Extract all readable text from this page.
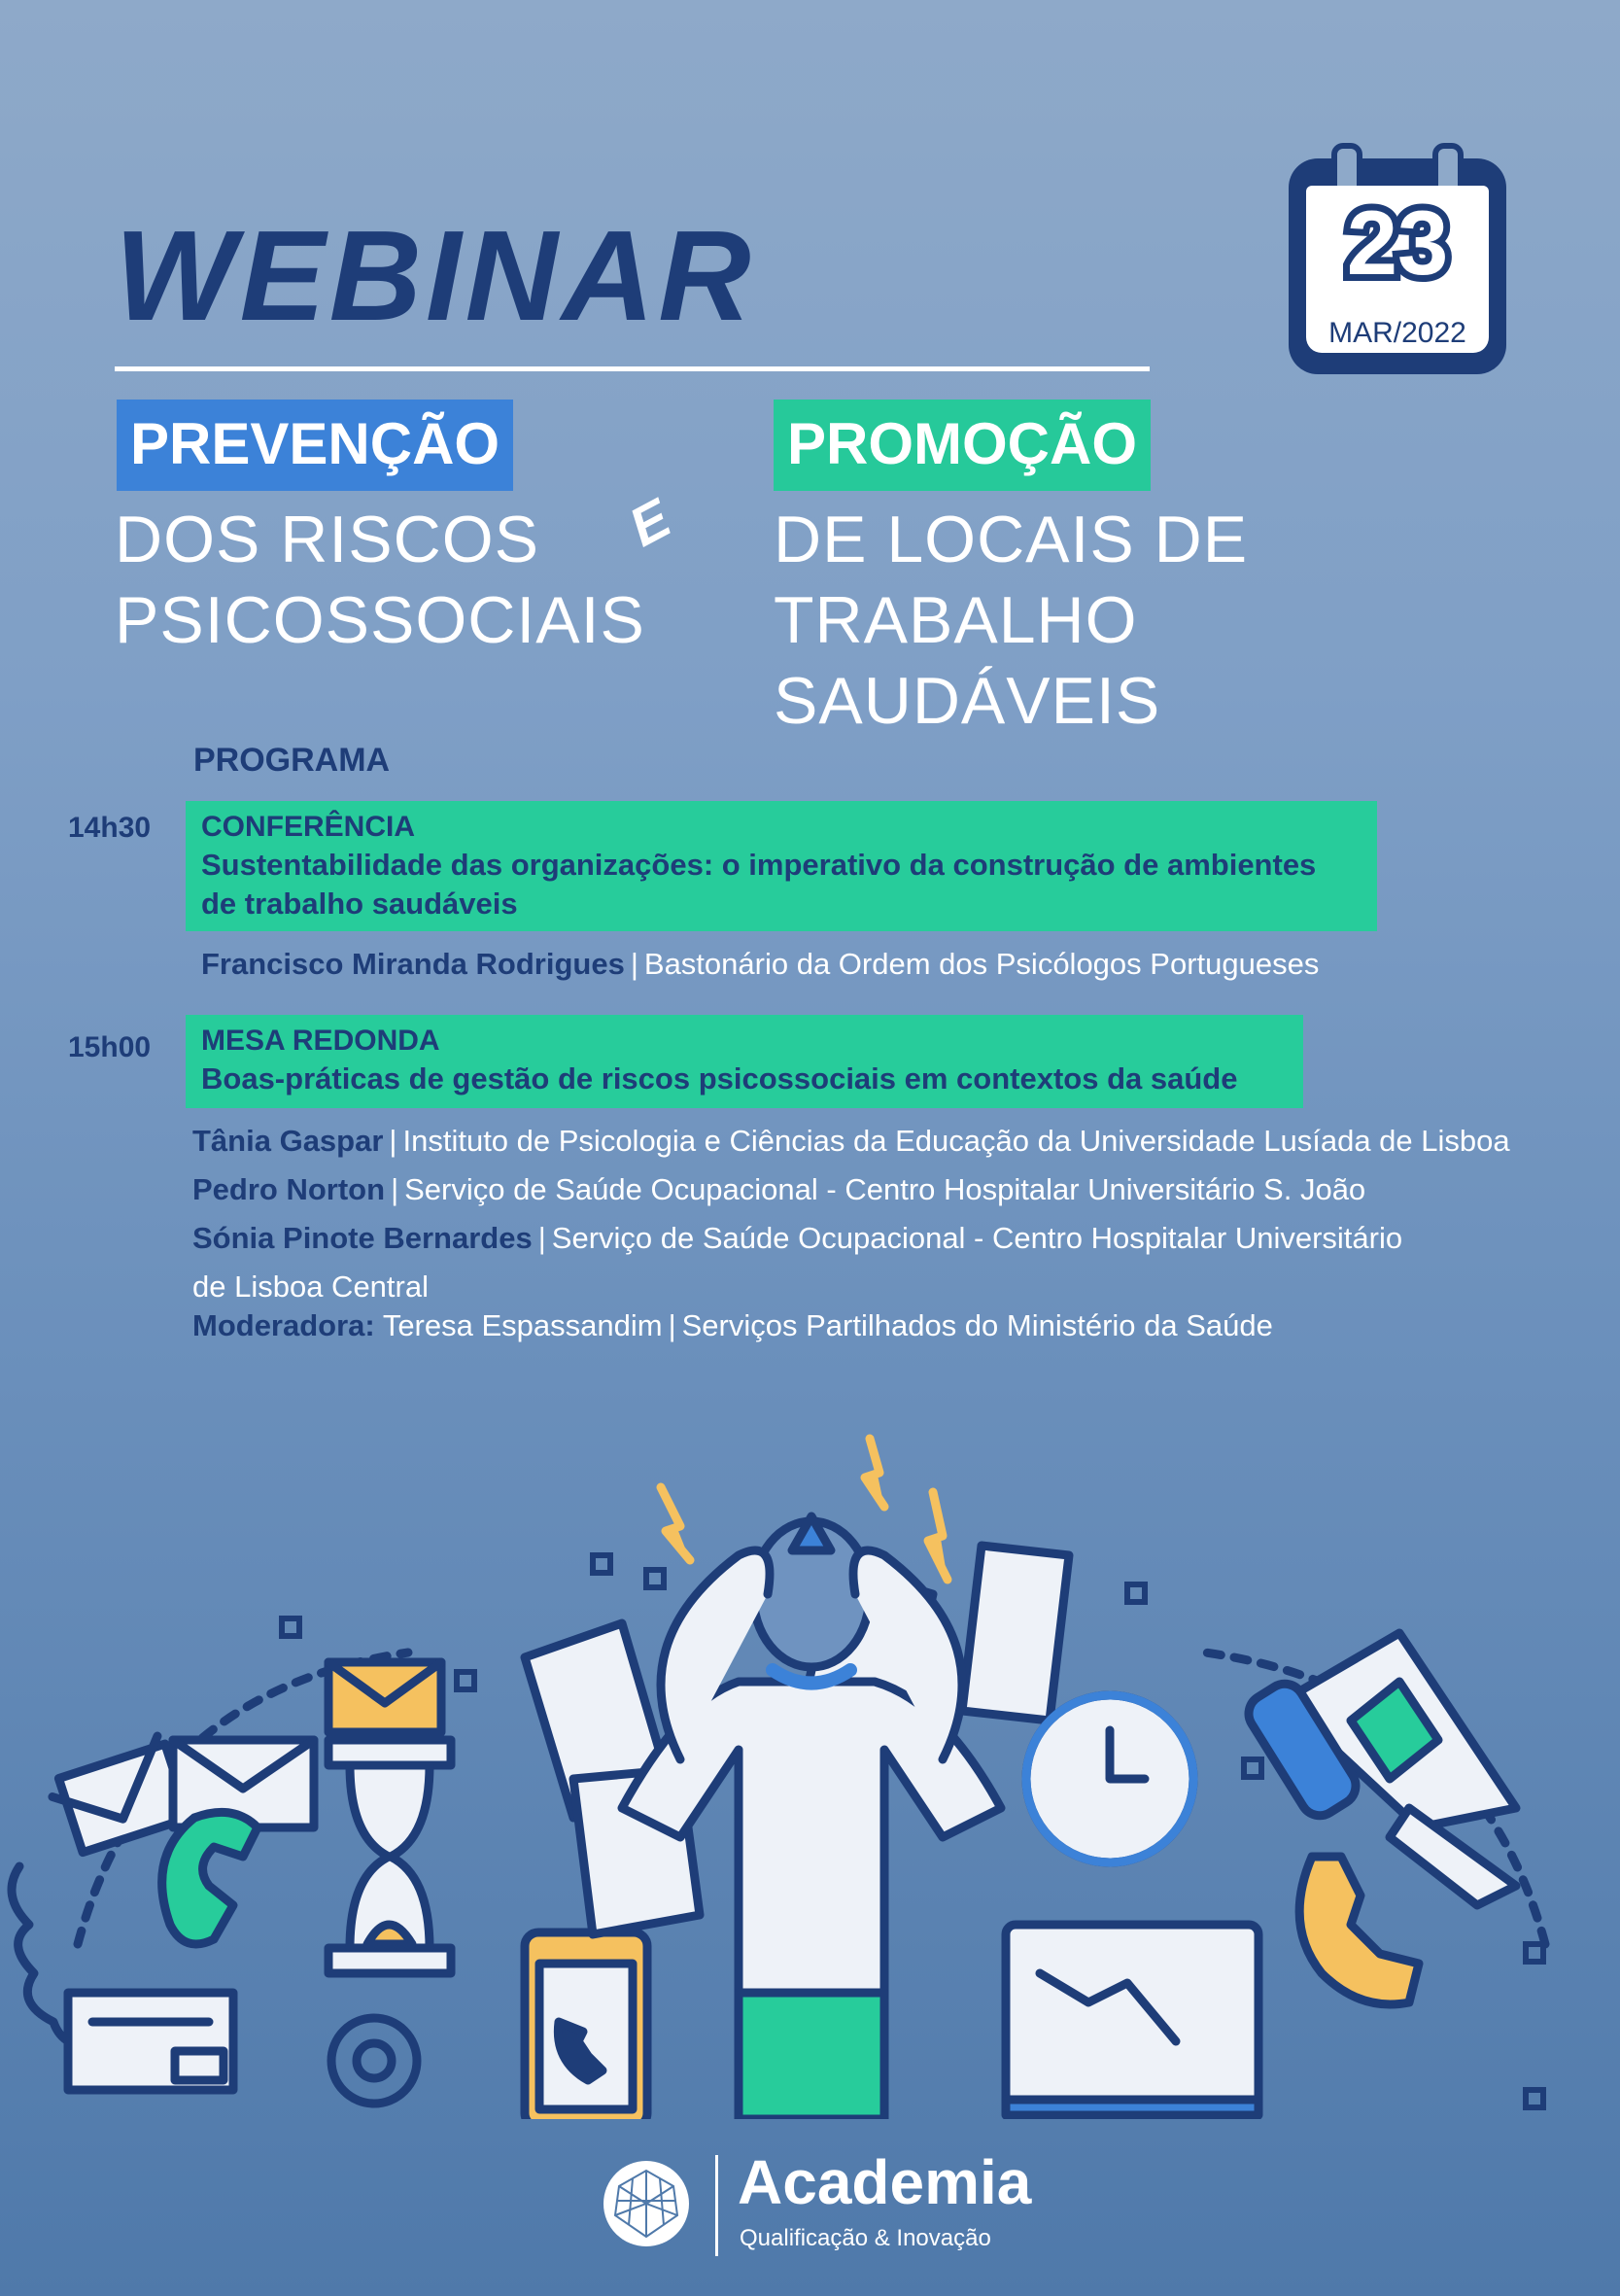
WEBINAR	23
MAR/2022
PREVENÇÃO	PROMOÇÃO
DOS RISCOS
PSICOSSOCIAIS
E DE LOCAIS DE TRABALHO
SAUDÁVEIS
PROGRAMA
14h30 CONFERÊNCIA
Sustentabilidade das organizações: o imperativo da construção de ambientes
de trabalho saudáveis
Francisco Miranda Rodrigues | Bastonário da Ordem dos Psicólogos Portugueses
15h00 MESA REDONDA
Boas-práticas de gestão de riscos psicossociais em contextos da saúde
Tânia Gaspar | Instituto de Psicologia e Ciências da Educação da Universidade Lusíada de Lisboa
Pedro Norton | Serviço de Saúde Ocupacional - Centro Hospitalar Universitário S. João
Sónia Pinote Bernardes | Serviço de Saúde Ocupacional - Centro Hospitalar Universitário
de Lisboa Central
Moderadora: Teresa Espassandim | Serviços Partilhados do Ministério da Saúde
Academia
Qualificação & Inovação
